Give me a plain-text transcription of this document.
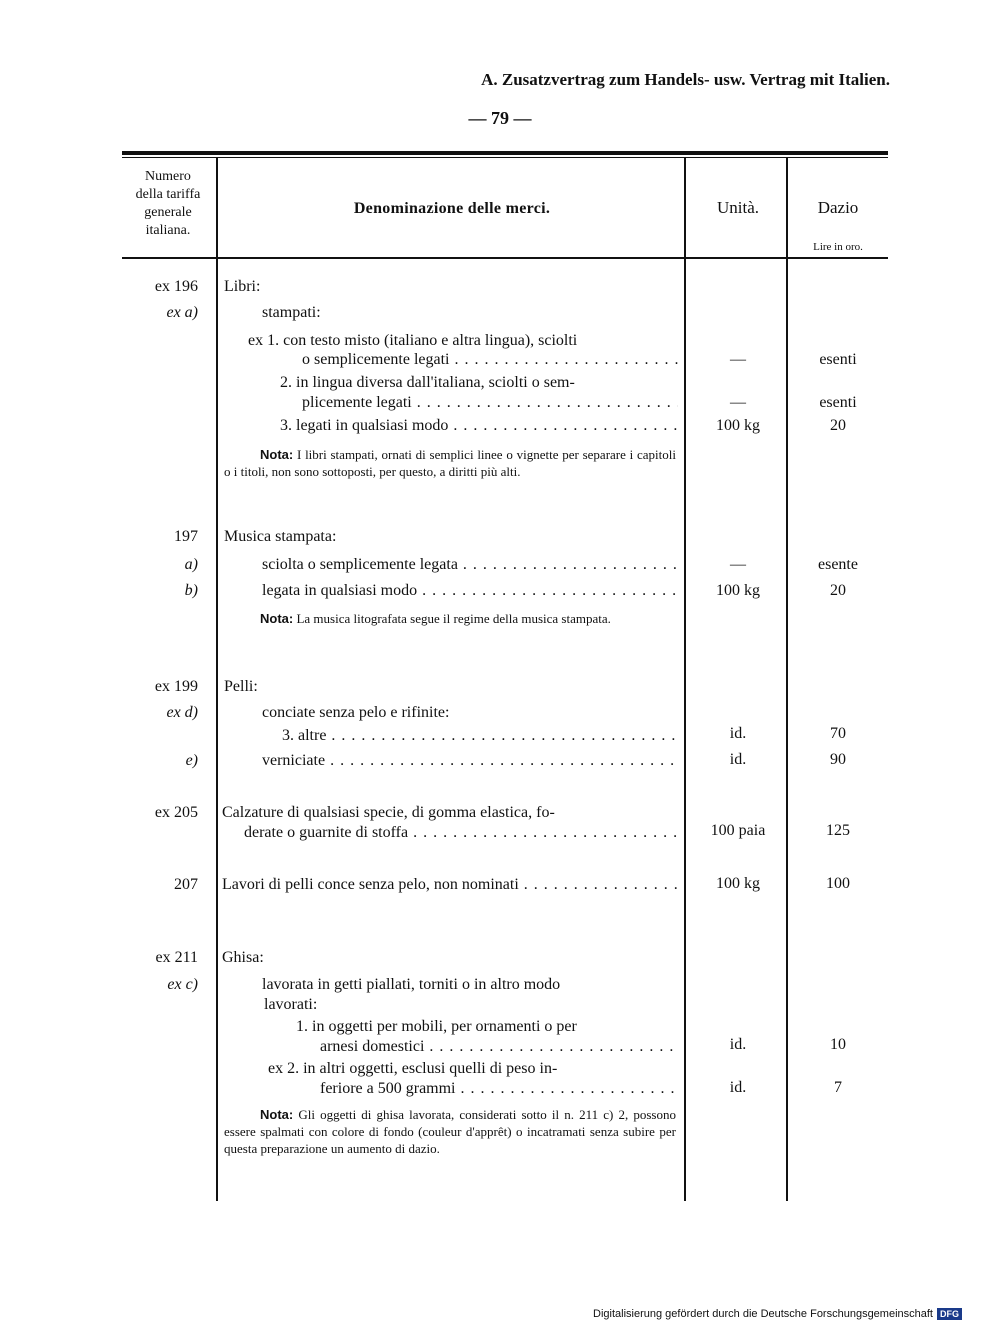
A. Zusatzvertrag zum Handels- usw. Vertrag mit Italien.
— 79 —
Numero
della tariffa
generale
italiana.
Denominazione delle merci.	Unità.	Dazio
Lire in oro.
ex 196 Libri:
ex a)	stampati:
ex 1. con testo misto (italiano e altra lingua), sciolti
o semplicemente legati . . .	—	esenti
2. in lingua diversa dall'italiana, sciolti o sem-
plicemente legati . . .	—	esenti
3. legati in qualsiasi modo . . .	100 kg	20
Nota: I libri stampati, ornati di semplici linee o vignette per separare i capitoli o i titoli, non sono sottoposti, per questo, a diritti più alti.
197 Musica stampata:
a)	sciolta o semplicemente legata . . .	—	esente
b)	legata in qualsiasi modo . . .	100 kg	20
Nota: La musica litografata segue il regime della musica stampata.
ex 199 Pelli:
ex d)	conciate senza pelo e rifinite:
3. altre . . .	id.	70
e)	verniciate . . .	id.	90
ex 205 Calzature di qualsiasi specie, di gomma elastica, fo-
derate o guarnite di stoffa . . .	100 paia	125
207 Lavori di pelli conce senza pelo, non nominati . . .	100 kg	100
ex 211 Ghisa:
ex c)	lavorata in getti piallati, torniti o in altro modo
lavorati:
1. in oggetti per mobili, per ornamenti o per
arnesi domestici . . .	id.	10
ex 2. in altri oggetti, esclusi quelli di peso in-
feriore a 500 grammi . . .	id.	7
Nota: Gli oggetti di ghisa lavorata, considerati sotto il n. 211 c) 2, possono essere spalmati con colore di fondo (couleur d'apprêt) o incatramati senza subire per questa preparazione un aumento di dazio.
Digitalisierung gefördert durch die Deutsche Forschungsgemeinschaft DFG
